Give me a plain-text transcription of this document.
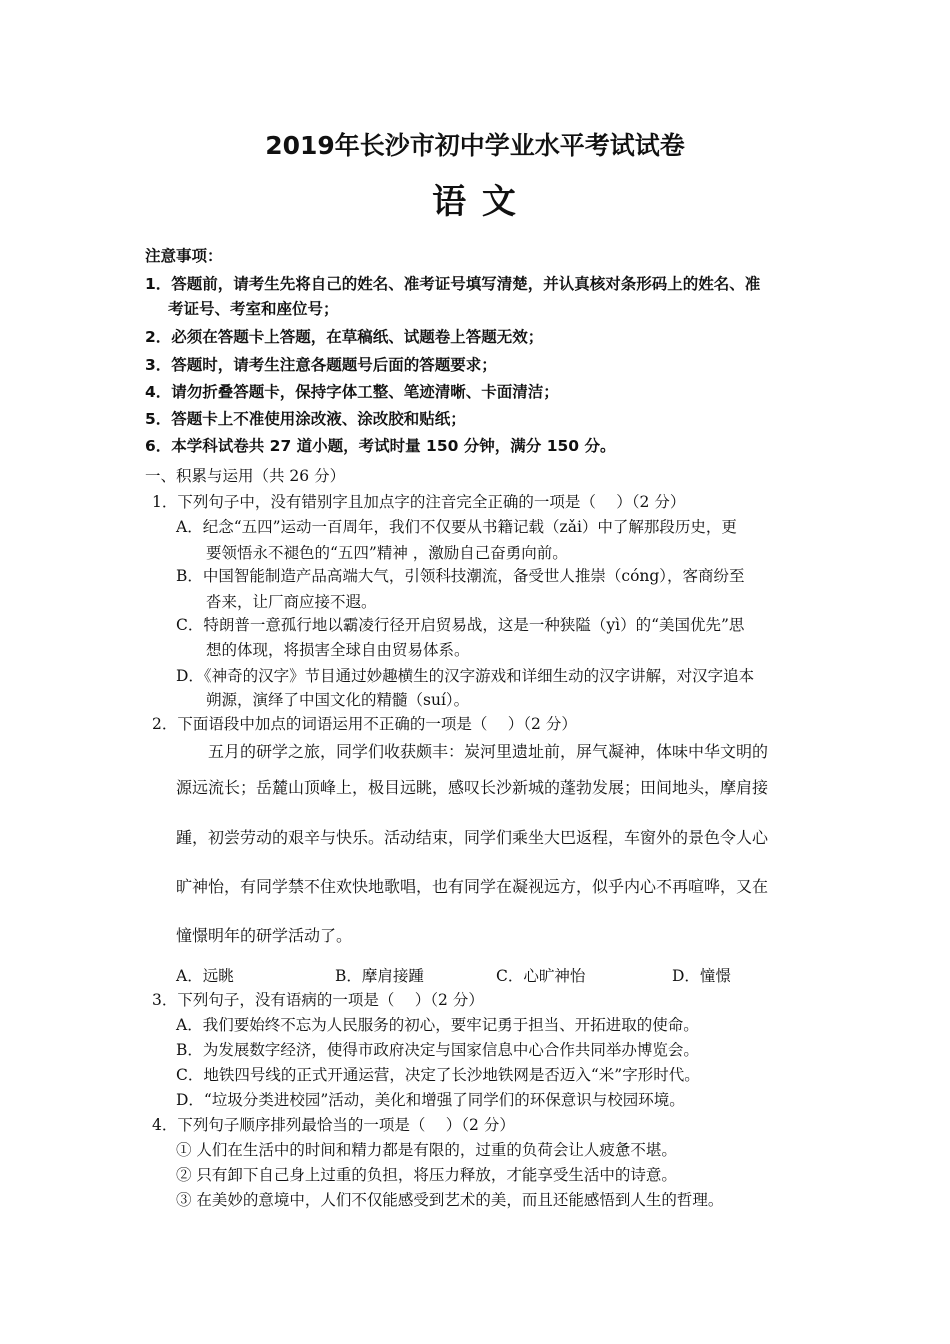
2019年长沙市初中学业水平考试试卷
语 文
注意事项：
1．答题前，请考生先将自己的姓名、准考证号填写清楚，并认真核对条形码上的姓名、准
考证号、考室和座位号；
2．必须在答题卡上答题，在草稿纸、试题卷上答题无效；
3．答题时，请考生注意各题题号后面的答题要求；
4．请勿折叠答题卡，保持字体工整、笔迹清晰、卡面清洁；
5．答题卡上不准使用涂改液、涂改胶和贴纸；
6．本学科试卷共 27 道小题，考试时量 150 分钟，满分 150 分。
一、积累与运用（共 26 分）
1．下列句子中，没有错别字且加点字的注音完全正确的一项是（　 ）（2 分）
A．纪念“五四”运动一百周年，我们不仅要从书籍记载（zǎi）中了解那段历史，更
要领悟永不褪色的“五四”精神 ，激励自己奋勇向前。
B．中国智能制造产品高端大气，引领科技潮流，备受世人推崇（cóng），客商纷至
沓来，让厂商应接不遐。
C．特朗普一意孤行地以霸凌行径开启贸易战，这是一种狭隘（yì）的“美国优先”思
想的体现，将损害全球自由贸易体系。
D．《神奇的汉字》节目通过妙趣横生的汉字游戏和详细生动的汉字讲解，对汉字追本
朔源，演绎了中国文化的精髓（suí）。
2．下面语段中加点的词语运用不正确的一项是（　 ）（2 分）
五月的研学之旅，同学们收获颇丰：炭河里遗址前，屏气凝神，体味中华文明的
源远流长；岳麓山顶峰上，极目远眺，感叹长沙新城的蓬勃发展；田间地头，摩肩接
踵，初尝劳动的艰辛与快乐。活动结束，同学们乘坐大巴返程，车窗外的景色令人心
旷神怡，有同学禁不住欢快地歌唱，也有同学在凝视远方，似乎内心不再喧哗，又在
憧憬明年的研学活动了。
A．远眺	B．摩肩接踵	C．心旷神怡	D．憧憬
3．下列句子，没有语病的一项是（　 ）（2 分）
A．我们要始终不忘为人民服务的初心，要牢记勇于担当、开拓进取的使命。
B．为发展数字经济，使得市政府决定与国家信息中心合作共同举办博览会。
C．地铁四号线的正式开通运营，决定了长沙地铁网是否迈入“米”字形时代。
D．“垃圾分类进校园”活动，美化和增强了同学们的环保意识与校园环境。
4．下列句子顺序排列最恰当的一项是（　 ）（2 分）
① 人们在生活中的时间和精力都是有限的，过重的负荷会让人疲惫不堪。
② 只有卸下自己身上过重的负担，将压力释放，才能享受生活中的诗意。
③ 在美妙的意境中，人们不仅能感受到艺术的美，而且还能感悟到人生的哲理。
